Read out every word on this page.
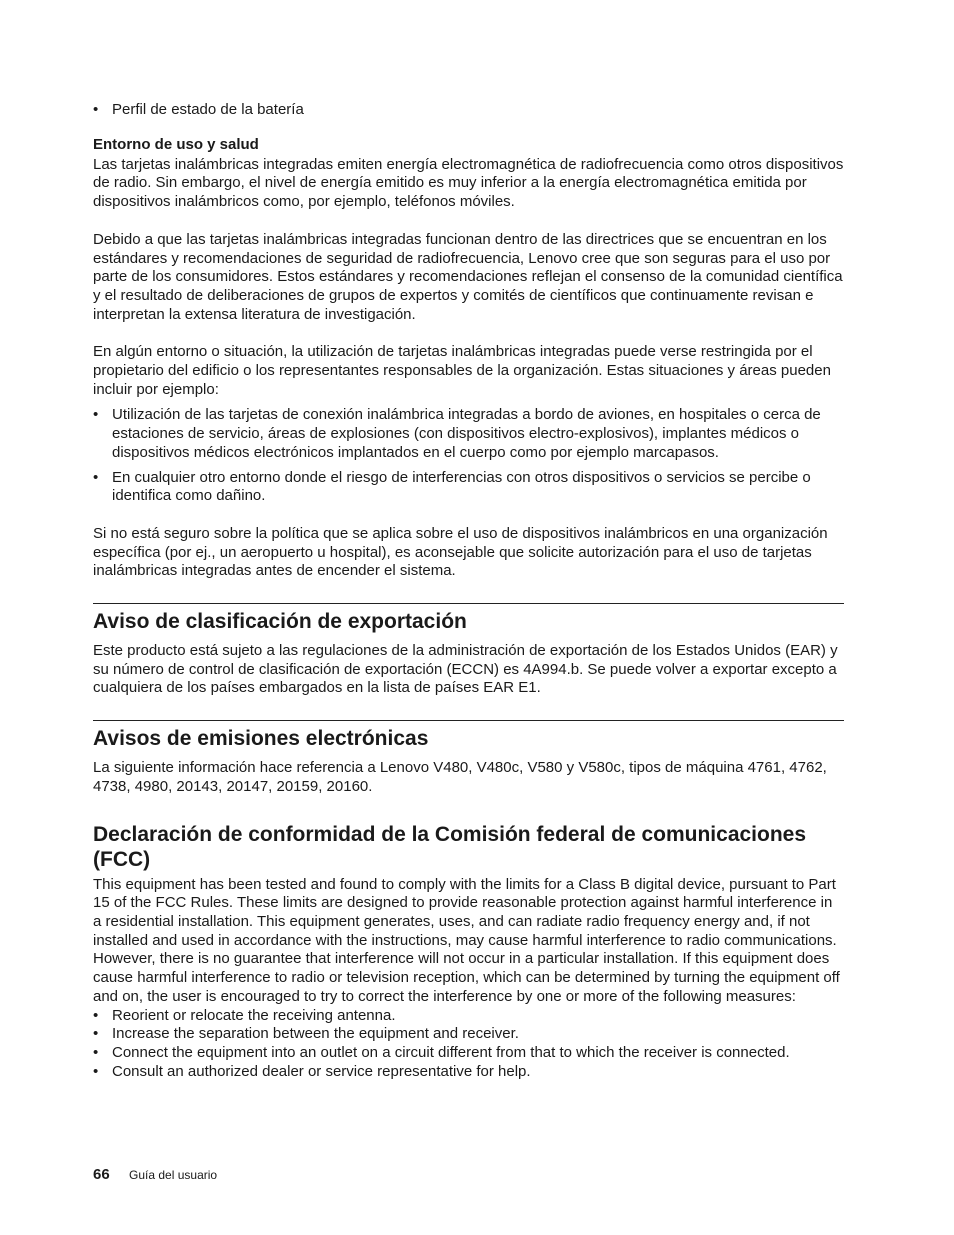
• Perfil de estado de la batería
Entorno de uso y salud

Las tarjetas inalámbricas integradas emiten energía electromagnética de radiofrecuencia como otros dispositivos de radio. Sin embargo, el nivel de energía emitido es muy inferior a la energía electromagnética emitida por dispositivos inalámbricos como, por ejemplo, teléfonos móviles.

Debido a que las tarjetas inalámbricas integradas funcionan dentro de las directrices que se encuentran en los estándares y recomendaciones de seguridad de radiofrecuencia, Lenovo cree que son seguras para el uso por parte de los consumidores. Estos estándares y recomendaciones reflejan el consenso de la comunidad científica y el resultado de deliberaciones de grupos de expertos y comités de científicos que continuamente revisan e interpretan la extensa literatura de investigación.

En algún entorno o situación, la utilización de tarjetas inalámbricas integradas puede verse restringida por el propietario del edificio o los representantes responsables de la organización. Estas situaciones y áreas pueden incluir por ejemplo:

• Utilización de las tarjetas de conexión inalámbrica integradas a bordo de aviones, en hospitales o cerca de estaciones de servicio, áreas de explosiones (con dispositivos electro-explosivos), implantes médicos o dispositivos médicos electrónicos implantados en el cuerpo como por ejemplo marcapasos.
• En cualquier otro entorno donde el riesgo de interferencias con otros dispositivos o servicios se percibe o identifica como dañino.

Si no está seguro sobre la política que se aplica sobre el uso de dispositivos inalámbricos en una organización específica (por ej., un aeropuerto u hospital), es aconsejable que solicite autorización para el uso de tarjetas inalámbricas integradas antes de encender el sistema.

Aviso de clasificación de exportación

Este producto está sujeto a las regulaciones de la administración de exportación de los Estados Unidos (EAR) y su número de control de clasificación de exportación (ECCN) es 4A994.b. Se puede volver a exportar excepto a cualquiera de los países embargados en la lista de países EAR E1.

Avisos de emisiones electrónicas

La siguiente información hace referencia a Lenovo V480, V480c, V580 y V580c, tipos de máquina 4761, 4762, 4738, 4980, 20143, 20147, 20159, 20160.

Declaración de conformidad de la Comisión federal de comunicaciones (FCC)

This equipment has been tested and found to comply with the limits for a Class B digital device, pursuant to Part 15 of the FCC Rules. These limits are designed to provide reasonable protection against harmful interference in a residential installation. This equipment generates, uses, and can radiate radio frequency energy and, if not installed and used in accordance with the instructions, may cause harmful interference to radio communications. However, there is no guarantee that interference will not occur in a particular installation. If this equipment does cause harmful interference to radio or television reception, which can be determined by turning the equipment off and on, the user is encouraged to try to correct the interference by one or more of the following measures:

• Reorient or relocate the receiving antenna.
• Increase the separation between the equipment and receiver.
• Connect the equipment into an outlet on a circuit different from that to which the receiver is connected.
• Consult an authorized dealer or service representative for help.
66 Guía del usuario
